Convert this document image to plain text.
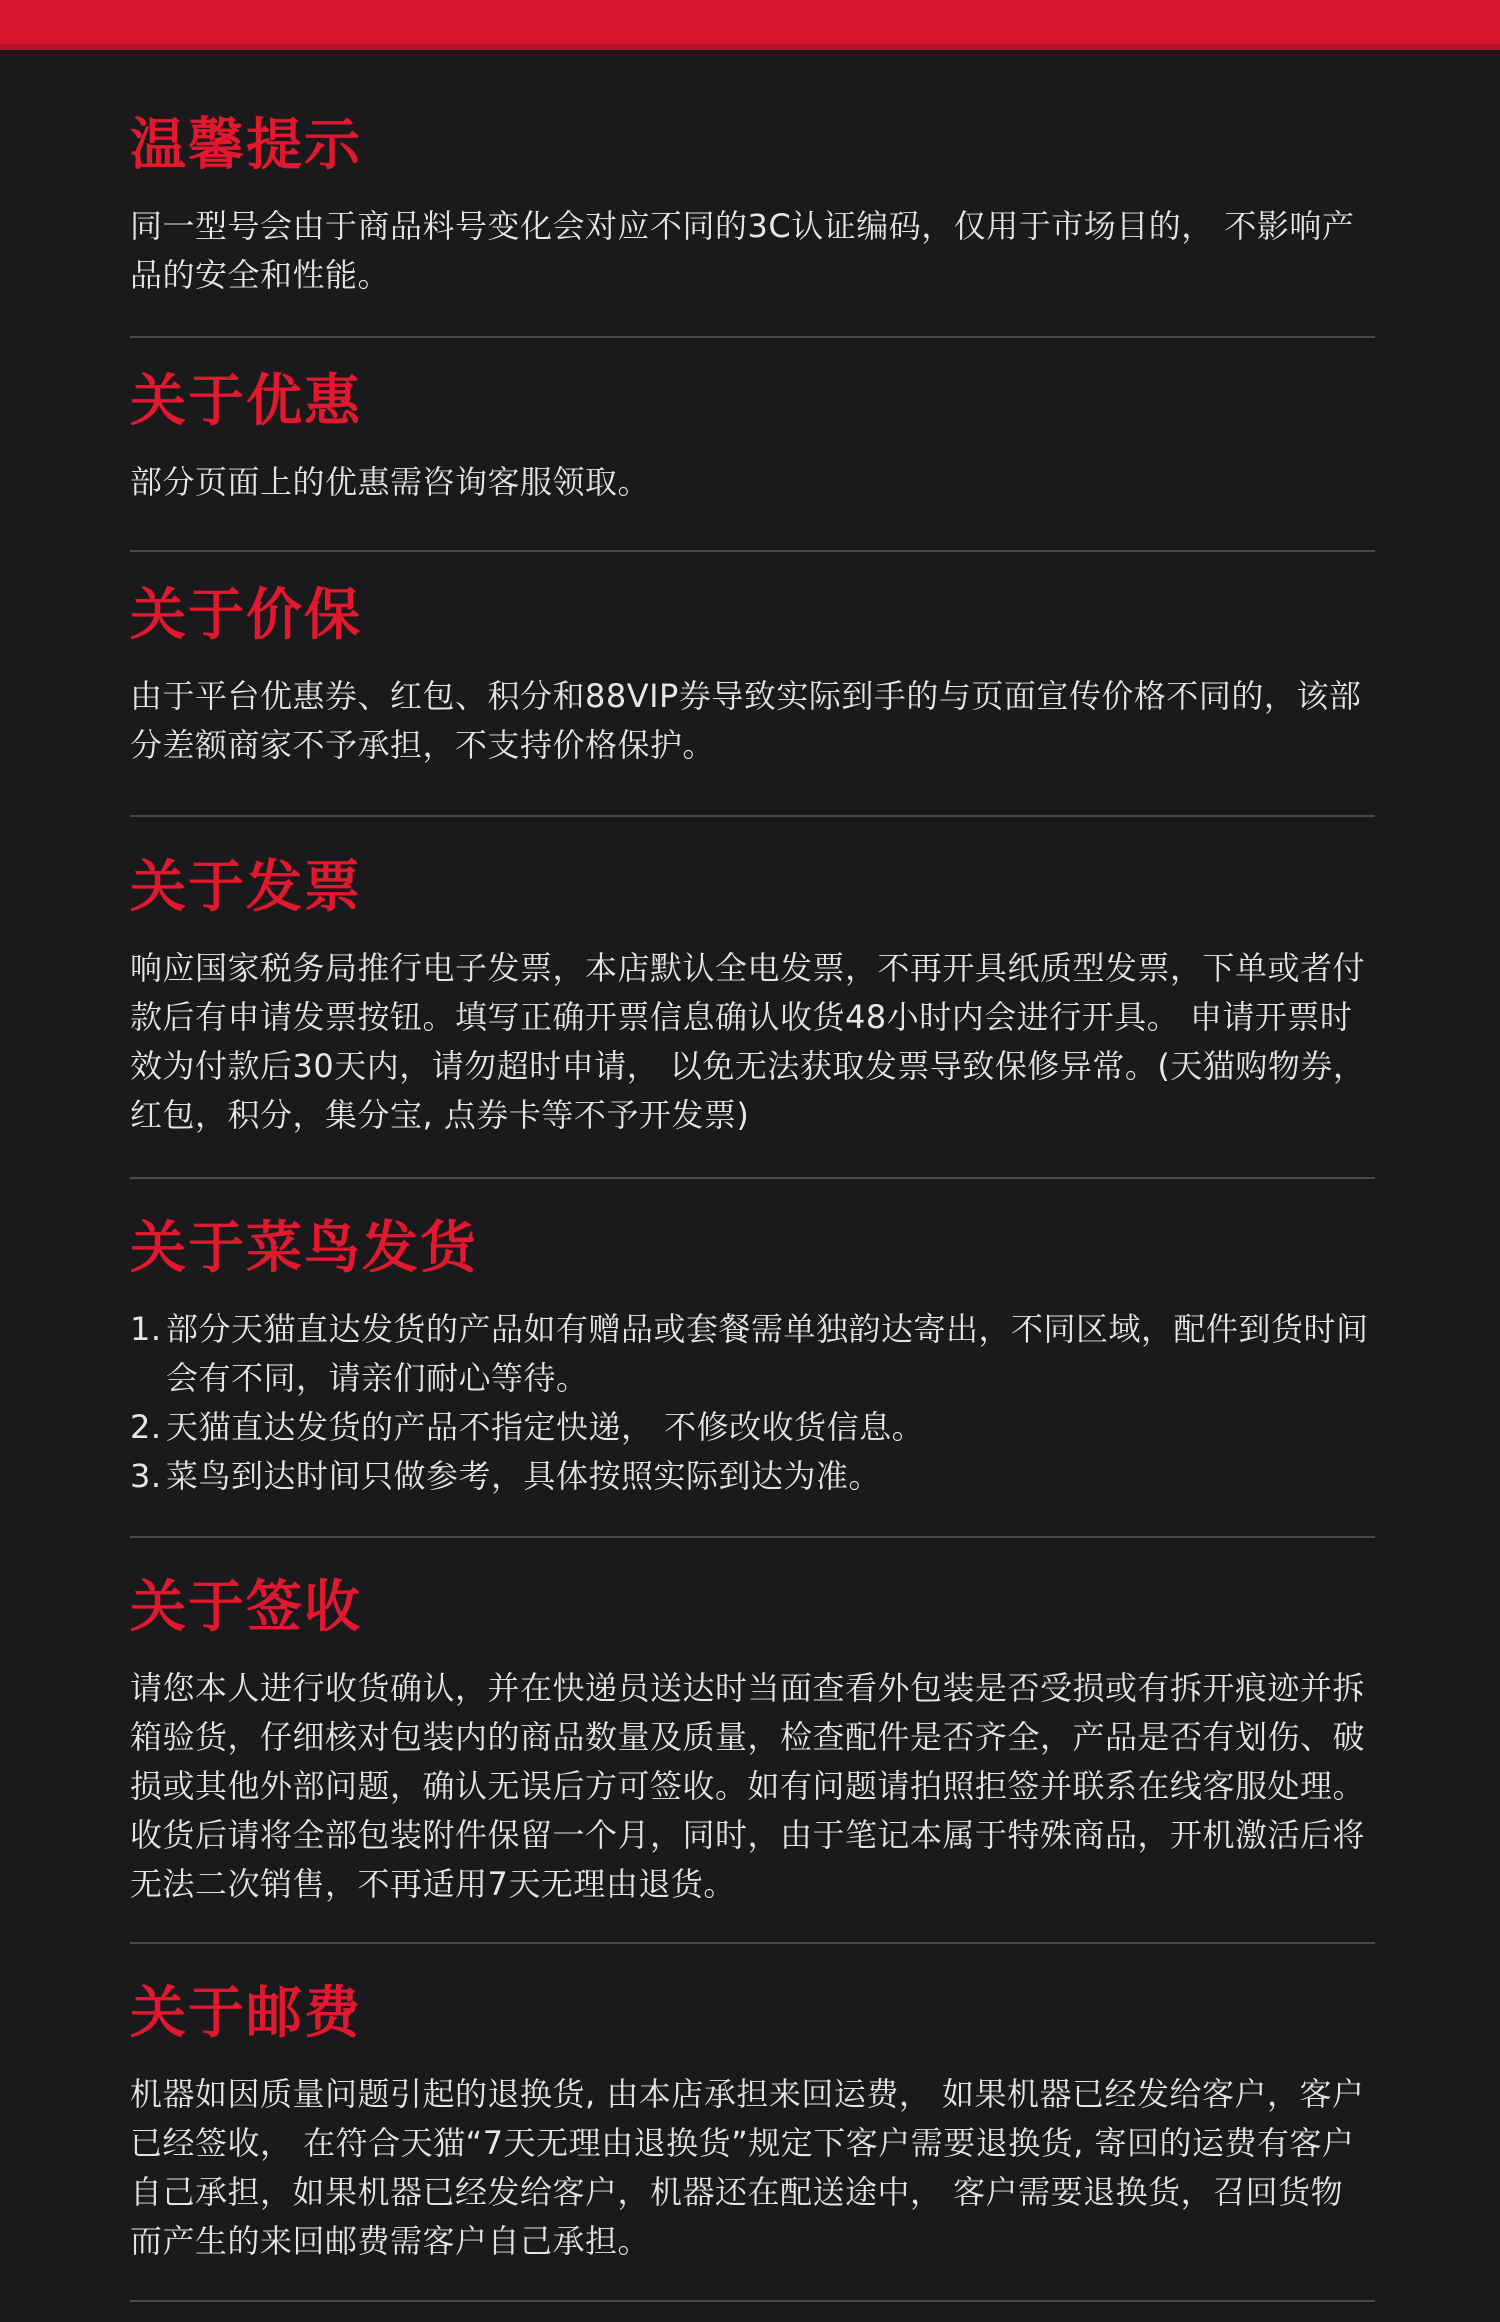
温馨提示
同一型号会由于商品料号变化会对应不同的3C认证编码，仅用于市场目的， 不影响产品的安全和性能。
关于优惠
部分页面上的优惠需咨询客服领取。
关于价保
由于平台优惠券、红包、积分和88VIP券导致实际到手的与页面宣传价格不同的，该部分差额商家不予承担，不支持价格保护。
关于发票
响应国家税务局推行电子发票，本店默认全电发票，不再开具纸质型发票，下单或者付款后有申请发票按钮。填写正确开票信息确认收货48小时内会进行开具。 申请开票时效为付款后30天内，请勿超时申请， 以免无法获取发票导致保修异常。(天猫购物券，红包，积分，集分宝, 点券卡等不予开发票)
关于菜鸟发货
1. 部分天猫直达发货的产品如有赠品或套餐需单独韵达寄出，不同区域，配件到货时间会有不同，请亲们耐心等待。
2. 天猫直达发货的产品不指定快递， 不修改收货信息。
3. 菜鸟到达时间只做参考，具体按照实际到达为准。
关于签收
请您本人进行收货确认，并在快递员送达时当面查看外包装是否受损或有拆开痕迹并拆箱验货，仔细核对包装内的商品数量及质量，检查配件是否齐全，产品是否有划伤、破损或其他外部问题，确认无误后方可签收。如有问题请拍照拒签并联系在线客服处理。收货后请将全部包装附件保留一个月，同时，由于笔记本属于特殊商品，开机激活后将无法二次销售，不再适用7天无理由退货。
关于邮费
机器如因质量问题引起的退换货, 由本店承担来回运费， 如果机器已经发给客户，客户已经签收， 在符合天猫“7天无理由退换货”规定下客户需要退换货, 寄回的运费有客户自己承担，如果机器已经发给客户，机器还在配送途中， 客户需要退换货，召回货物而产生的来回邮费需客户自己承担。
